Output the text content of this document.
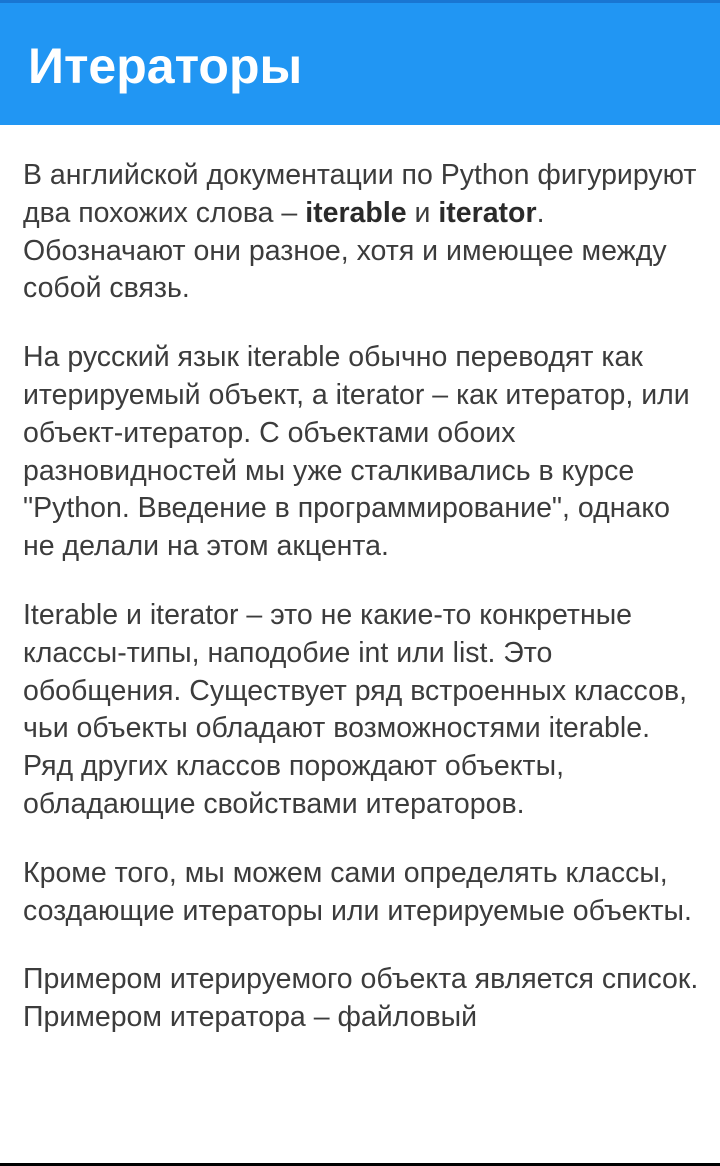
Итераторы

В английской документации по Python фигурируют два похожих слова – iterable и iterator. Обозначают они разное, хотя и имеющее между собой связь.

На русский язык iterable обычно переводят как итерируемый объект, а iterator – как итератор, или объект-итератор. С объектами обоих разновидностей мы уже сталкивались в курсе "Python. Введение в программирование", однако не делали на этом акцента.

Iterable и iterator – это не какие-то конкретные классы-типы, наподобие int или list. Это обобщения. Существует ряд встроенных классов, чьи объекты обладают возможностями iterable. Ряд других классов порождают объекты, обладающие свойствами итераторов.

Кроме того, мы можем сами определять классы, создающие итераторы или итерируемые объекты.

Примером итерируемого объекта является список. Примером итератора – файловый
